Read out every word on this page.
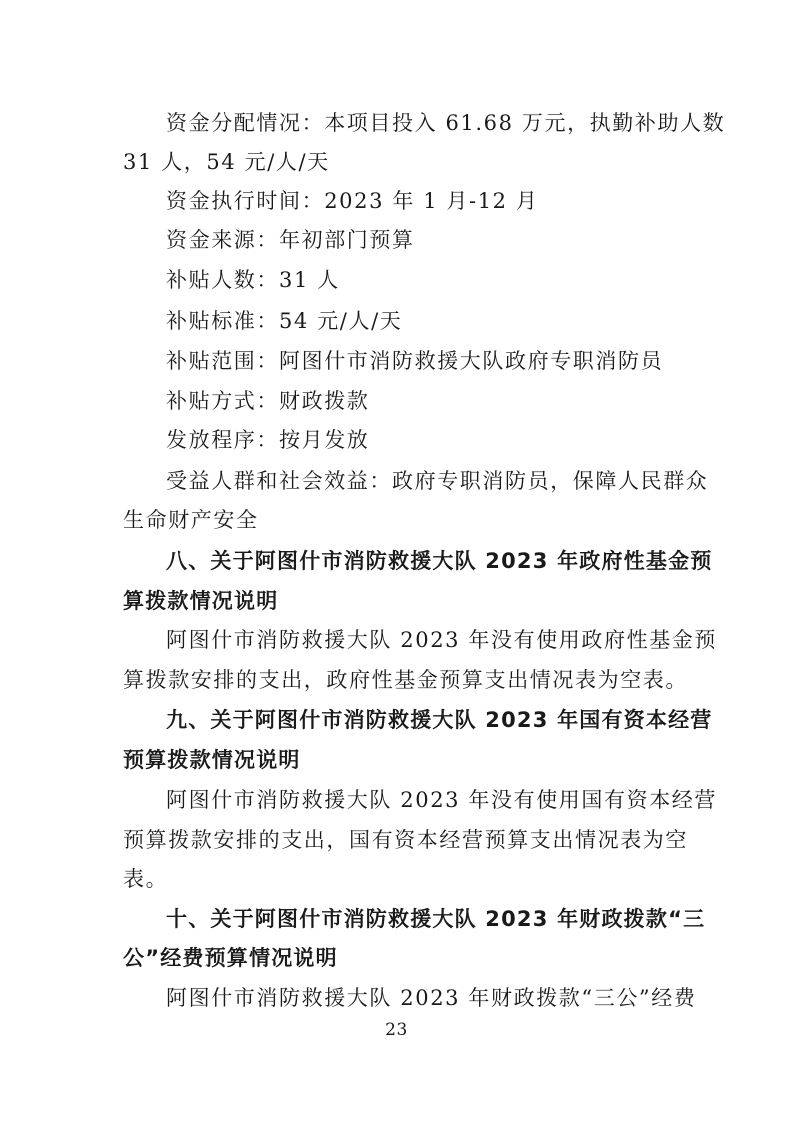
资金分配情况：本项目投入 61.68 万元，执勤补助人数
31 人，54 元/人/天
资金执行时间：2023 年 1 月-12 月
资金来源：年初部门预算
补贴人数：31 人
补贴标准：54 元/人/天
补贴范围：阿图什市消防救援大队政府专职消防员
补贴方式：财政拨款
发放程序：按月发放
受益人群和社会效益：政府专职消防员，保障人民群众
生命财产安全
八、关于阿图什市消防救援大队 2023 年政府性基金预
算拨款情况说明
阿图什市消防救援大队 2023 年没有使用政府性基金预
算拨款安排的支出，政府性基金预算支出情况表为空表。
九、关于阿图什市消防救援大队 2023 年国有资本经营
预算拨款情况说明
阿图什市消防救援大队 2023 年没有使用国有资本经营
预算拨款安排的支出，国有资本经营预算支出情况表为空
表。
十、关于阿图什市消防救援大队 2023 年财政拨款“三
公”经费预算情况说明
阿图什市消防救援大队 2023 年财政拨款“三公”经费
23
